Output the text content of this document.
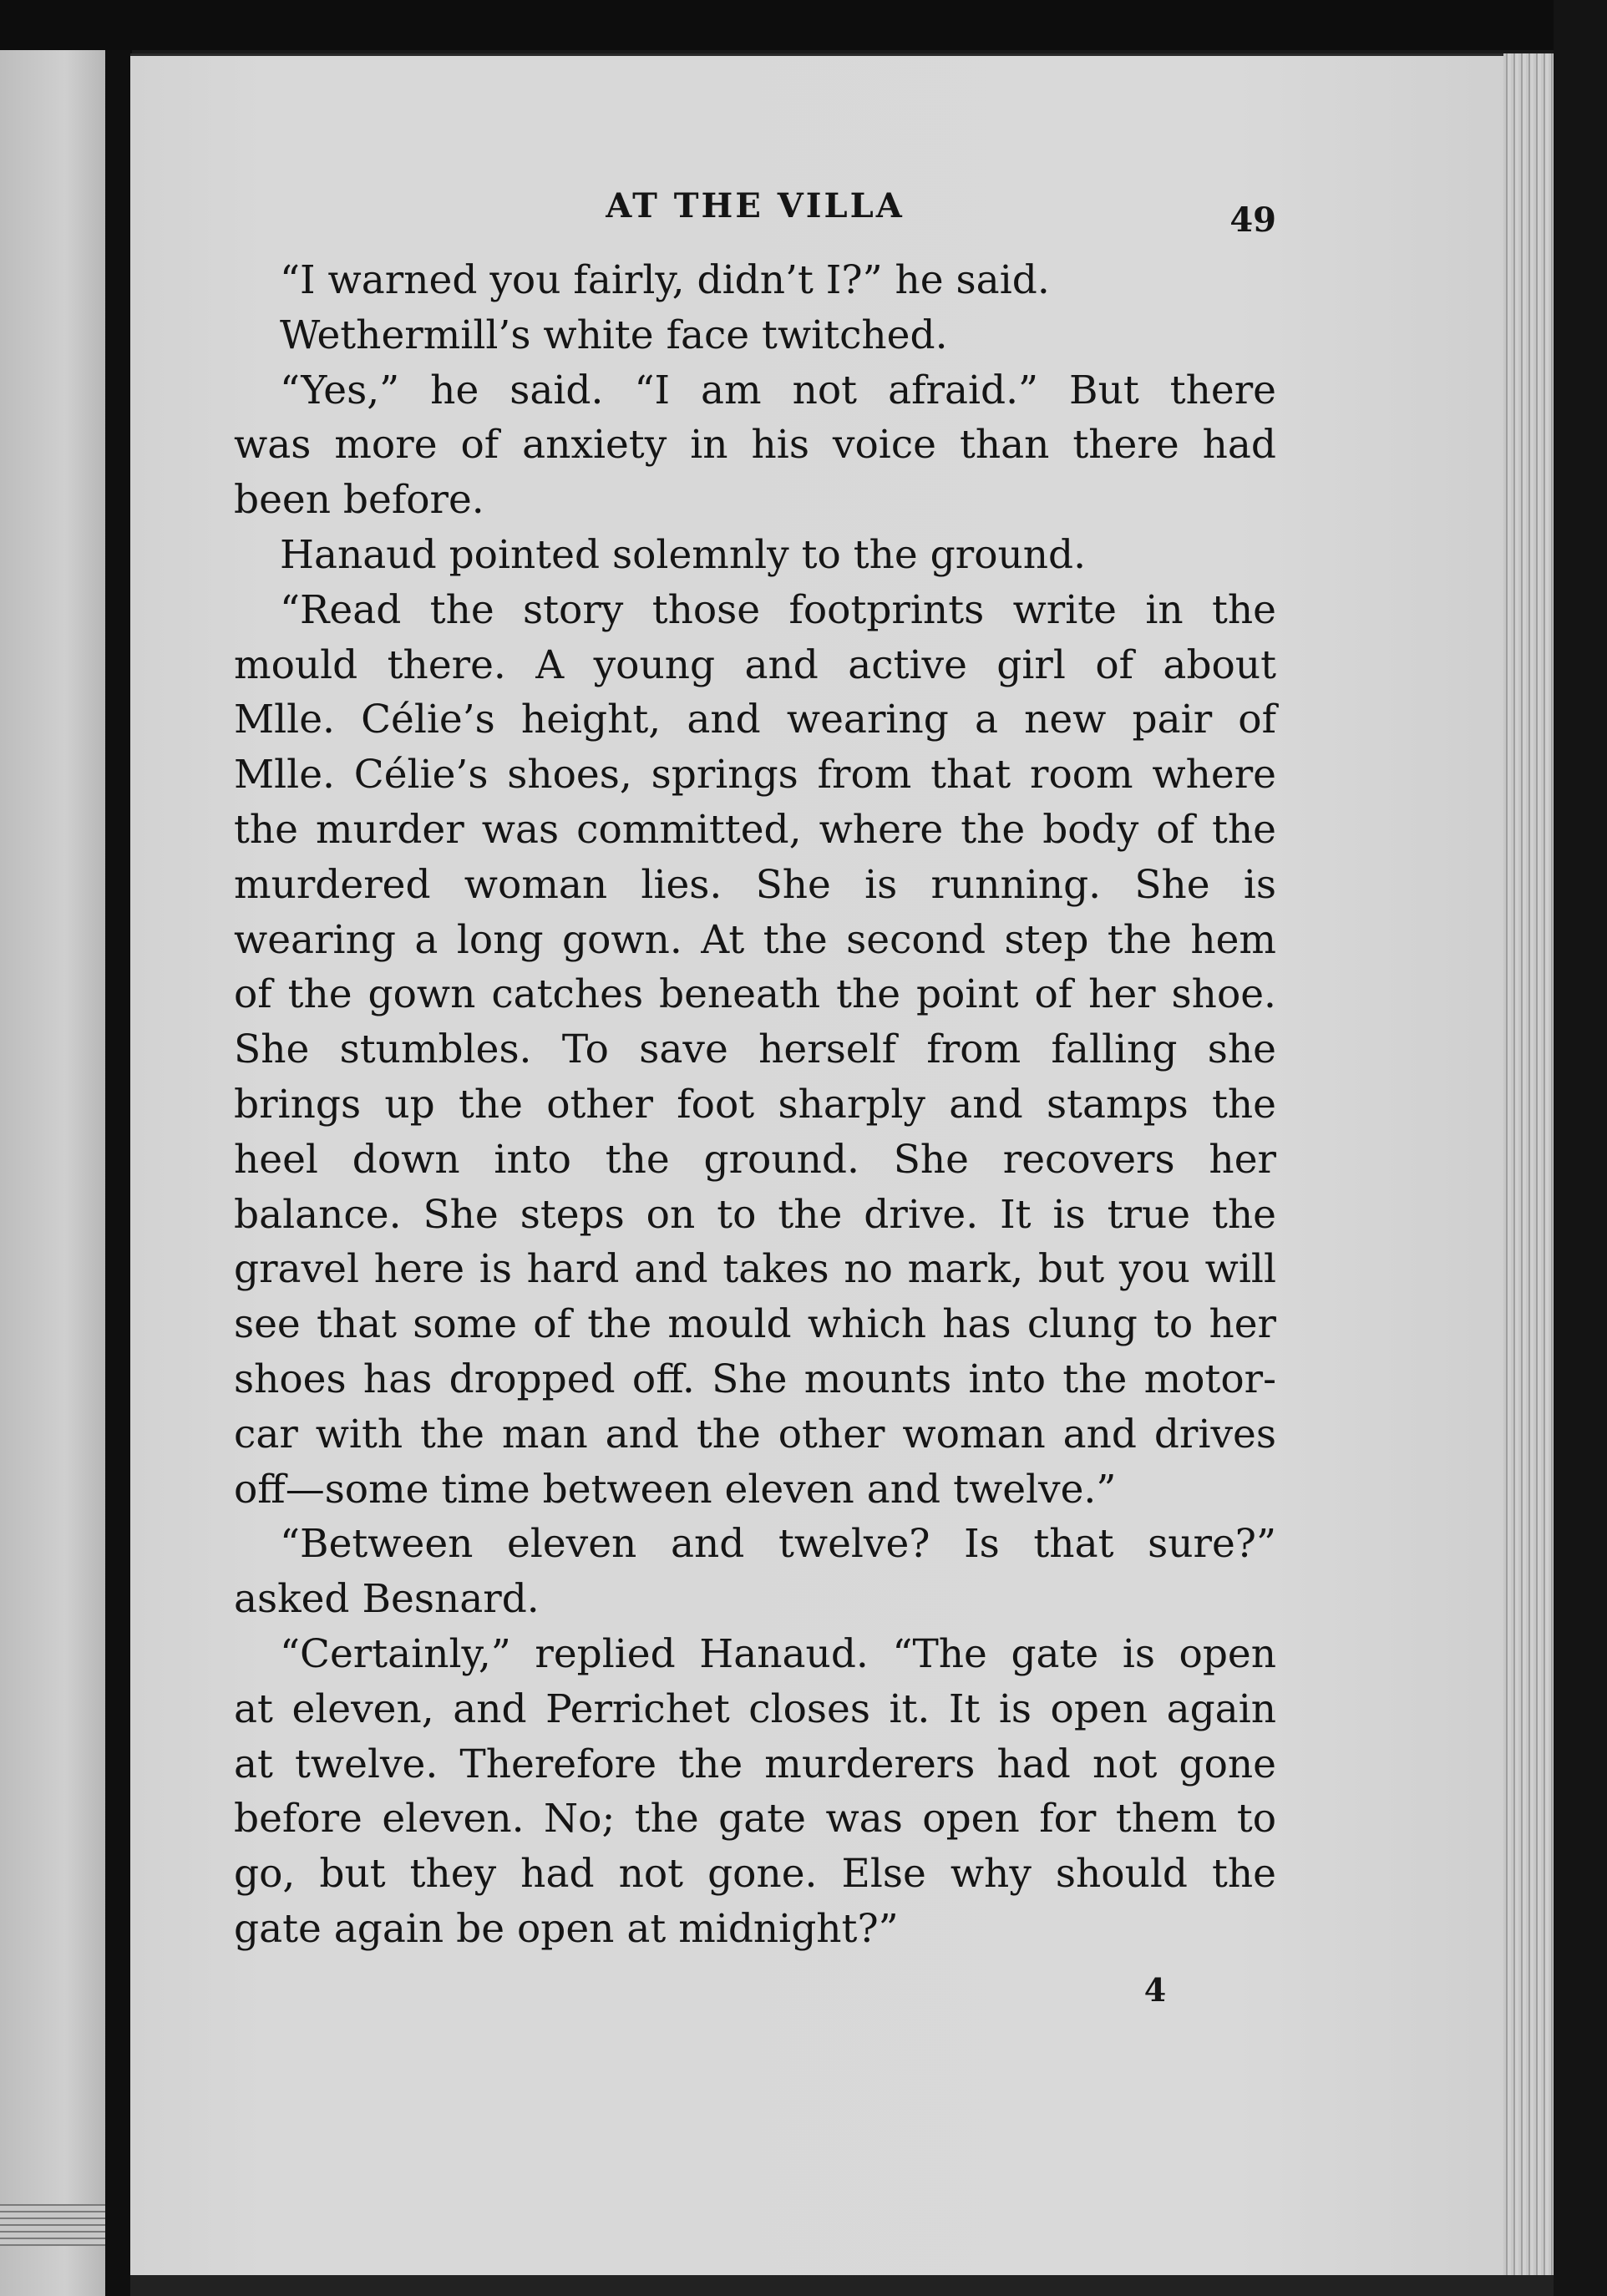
AT THE VILLA	49
“I warned you fairly, didn’t I?” he said.
Wethermill’s white face twitched.
“Yes,” he said. “I am not afraid.” But there
was more of anxiety in his voice than there had
been before.
Hanaud pointed solemnly to the ground.
“Read the story those footprints write in the
mould there. A young and active girl of about
Mlle. Célie’s height, and wearing a new pair of
Mlle. Célie’s shoes, springs from that room where
the murder was committed, where the body of the
murdered woman lies. She is running. She is
wearing a long gown. At the second step the hem
of the gown catches beneath the point of her shoe.
She stumbles. To save herself from falling she
brings up the other foot sharply and stamps the
heel down into the ground. She recovers her
balance. She steps on to the drive. It is true the
gravel here is hard and takes no mark, but you will
see that some of the mould which has clung to her
shoes has dropped off. She mounts into the motor-
car with the man and the other woman and drives
off—some time between eleven and twelve.”
“Between eleven and twelve? Is that sure?”
asked Besnard.
“Certainly,” replied Hanaud. “The gate is open
at eleven, and Perrichet closes it. It is open again
at twelve. Therefore the murderers had not gone
before eleven. No; the gate was open for them to
go, but they had not gone. Else why should the
gate again be open at midnight?”
4
